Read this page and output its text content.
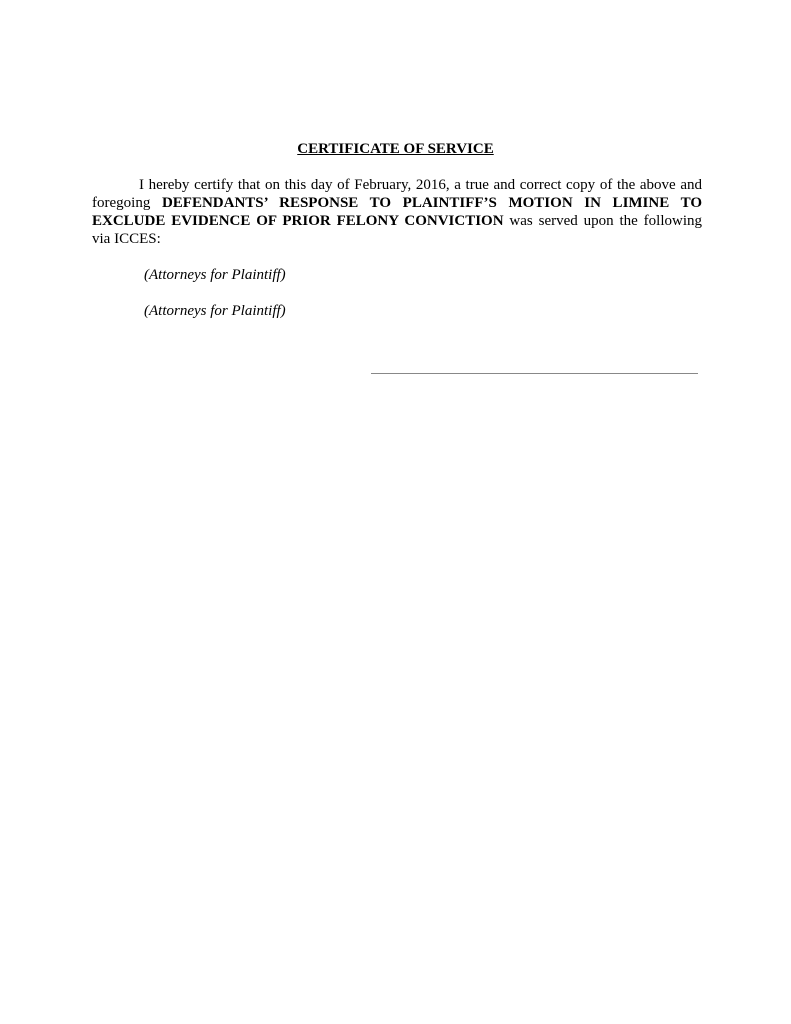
CERTIFICATE OF SERVICE

I hereby certify that on this day of February, 2016, a true and correct copy of the above and foregoing DEFENDANTS’ RESPONSE TO PLAINTIFF’S MOTION IN LIMINE TO EXCLUDE EVIDENCE OF PRIOR FELONY CONVICTION was served upon the following via ICCES:

(Attorneys for Plaintiff)
(Attorneys for Plaintiff)
